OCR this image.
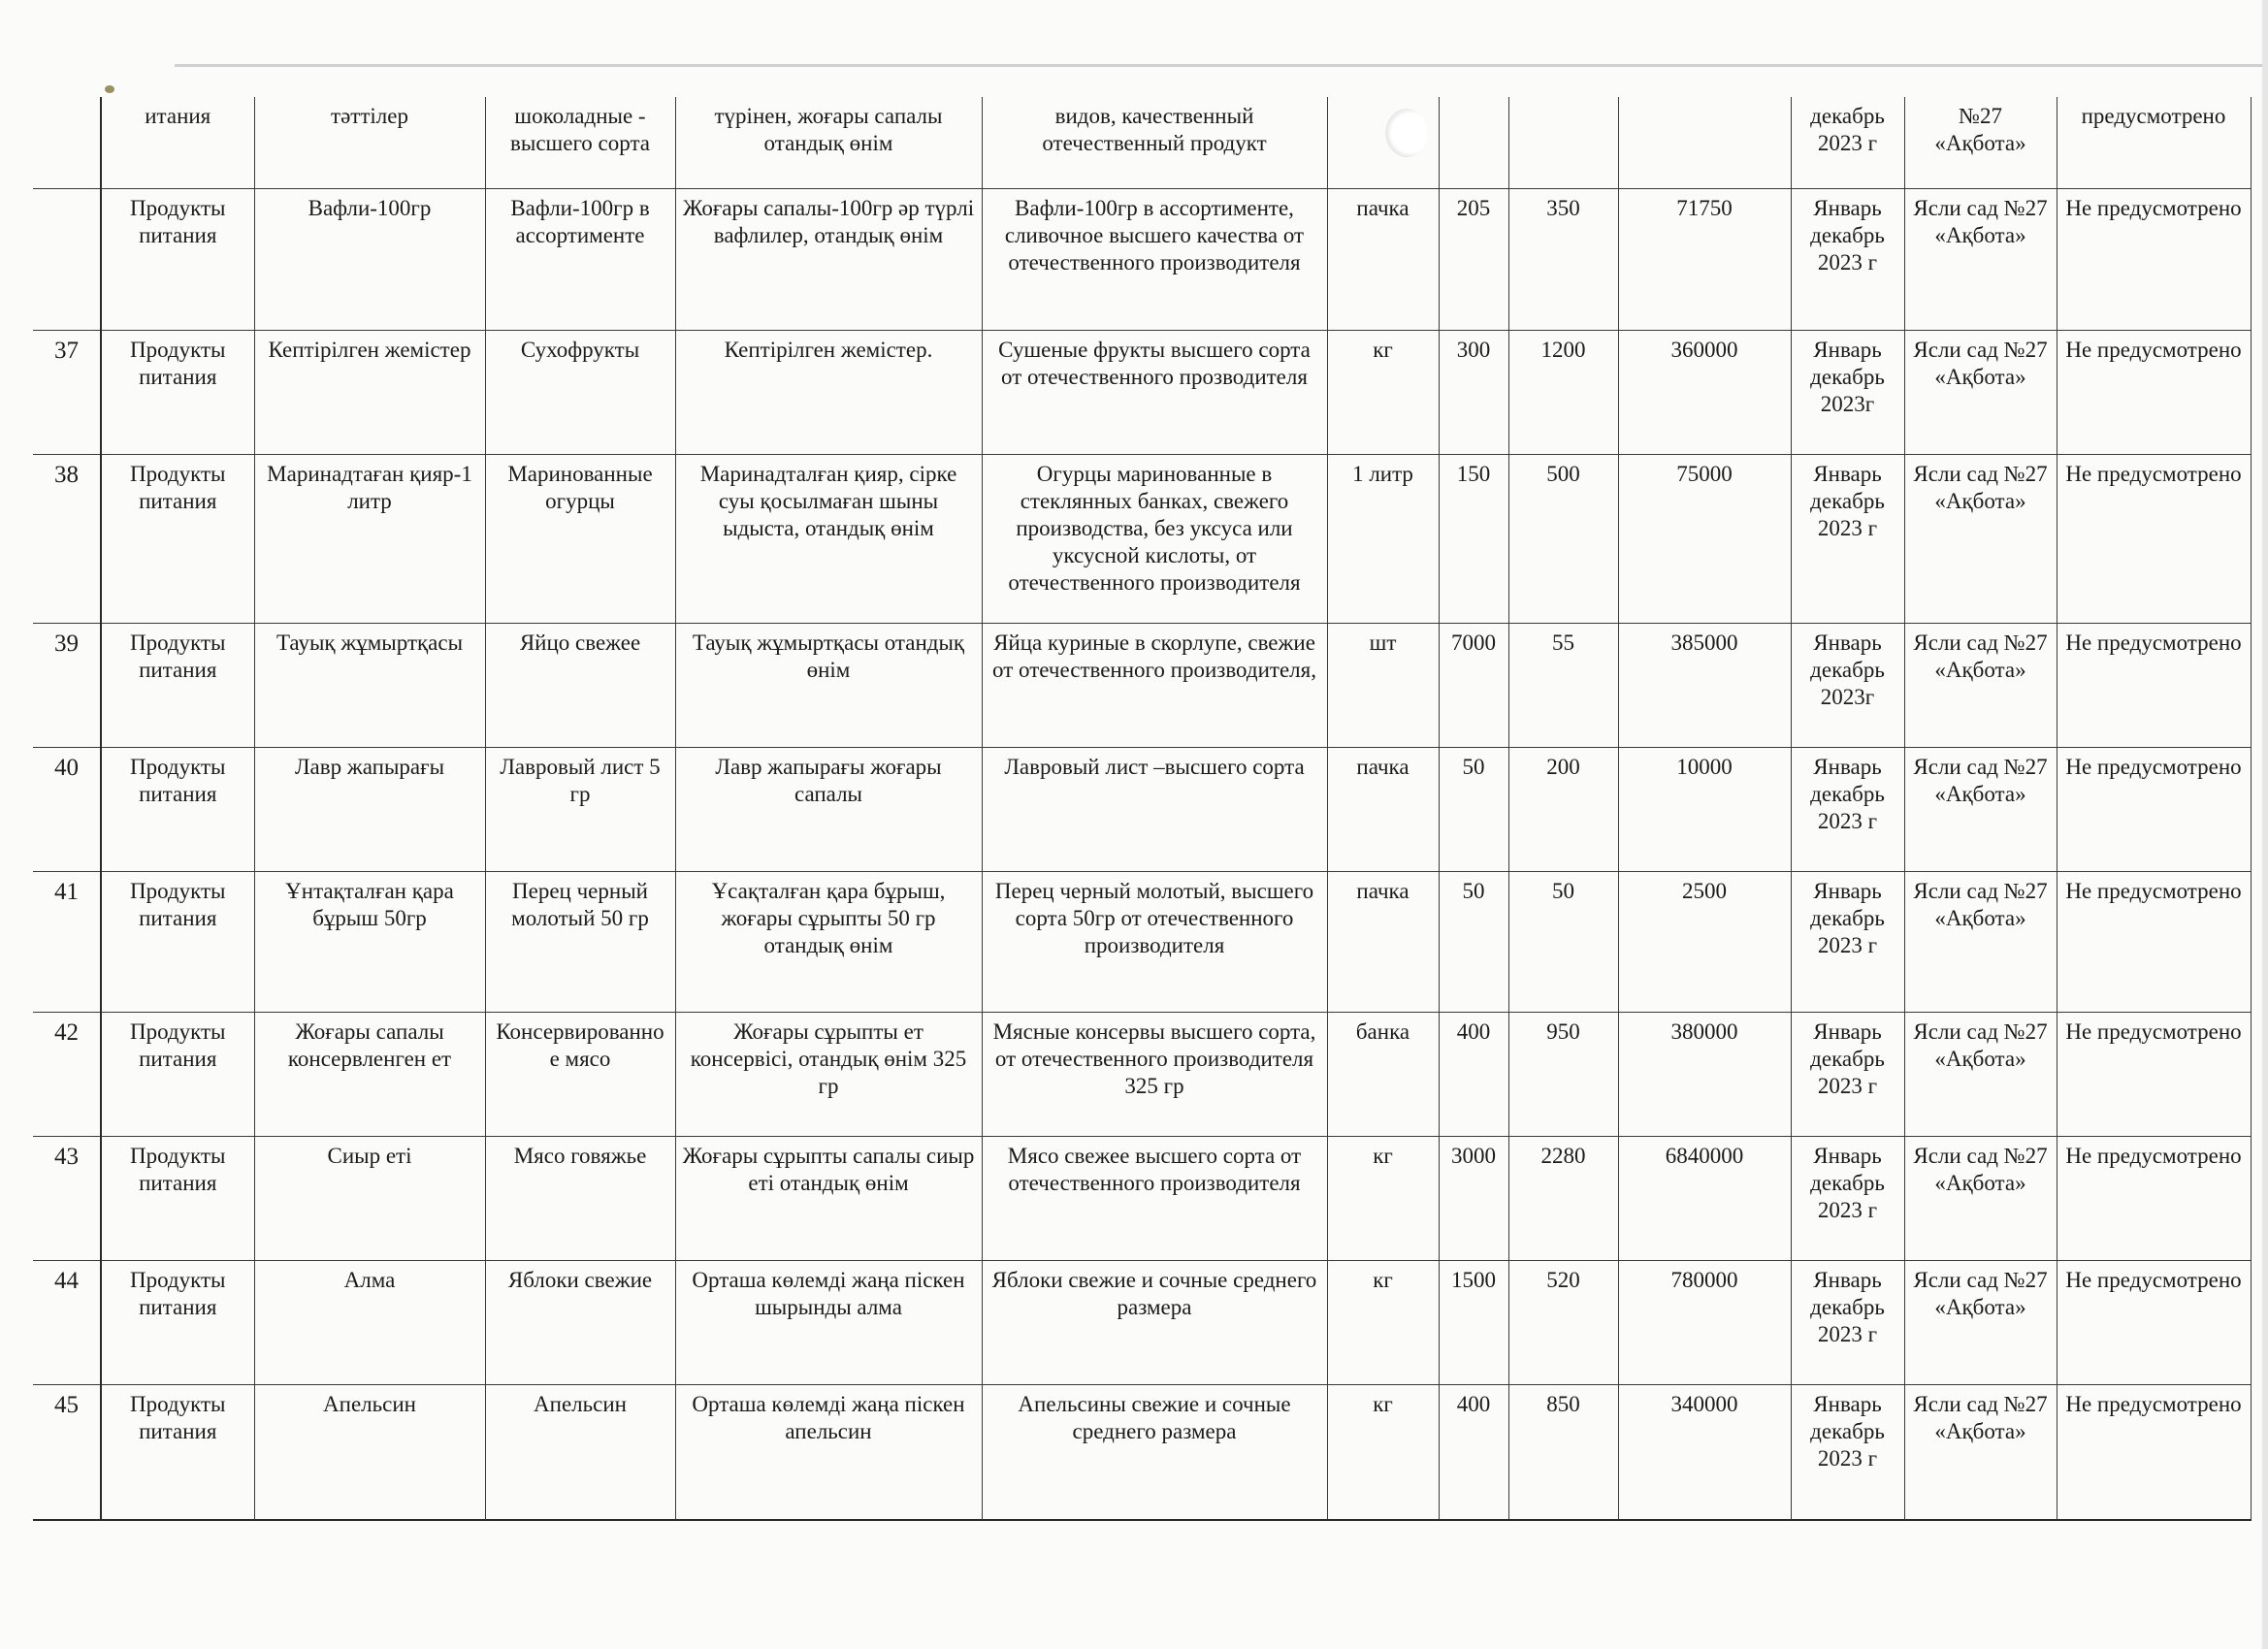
	итания	тәттілер	шоколадные - высшего сорта	түрінен, жоғары сапалы отандық өнім	видов, качественный отечественный продукт					декабрь 2023 г	№27 «Ақбота»	предусмотрено
	Продукты питания	Вафли-100гр	Вафли-100гр в ассортименте	Жоғары сапалы-100гр әр түрлі вафлилер, отандық өнім	Вафли-100гр в ассортименте, сливочное высшего качества от отечественного производителя	пачка	205	350	71750	Январь декабрь 2023 г	Ясли сад №27 «Ақбота»	Не предусмотрено
37	Продукты питания	Кептірілген жемістер	Сухофрукты	Кептірілген жемістер.	Сушеные фрукты высшего сорта от отечественного прозводителя	кг	300	1200	360000	Январь декабрь 2023г	Ясли сад №27 «Ақбота»	Не предусмотрено
38	Продукты питания	Маринадтаған қияр-1 литр	Маринованные огурцы	Маринадталған қияр, сірке суы қосылмаған шыны ыдыста, отандық өнім	Огурцы маринованные в стеклянных банках, свежего производства, без уксуса или уксусной кислоты, от отечественного производителя	1 литр	150	500	75000	Январь декабрь 2023 г	Ясли сад №27 «Ақбота»	Не предусмотрено
39	Продукты питания	Тауық жұмыртқасы	Яйцо свежее	Тауық жұмыртқасы отандық өнім	Яйца куриные в скорлупе, свежие от отечественного производителя,	шт	7000	55	385000	Январь декабрь 2023г	Ясли сад №27 «Ақбота»	Не предусмотрено
40	Продукты питания	Лавр жапырағы	Лавровый лист 5 гр	Лавр жапырағы жоғары сапалы	Лавровый лист –высшего сорта	пачка	50	200	10000	Январь декабрь 2023 г	Ясли сад №27 «Ақбота»	Не предусмотрено
41	Продукты питания	Ұнтақталған қара бұрыш 50гр	Перец черный молотый 50 гр	Ұсақталған қара бұрыш, жоғары сұрыпты 50 гр отандық өнім	Перец черный молотый, высшего сорта 50гр от отечественного производителя	пачка	50	50	2500	Январь декабрь 2023 г	Ясли сад №27 «Ақбота»	Не предусмотрено
42	Продукты питания	Жоғары сапалы консервленген ет	Консервированное мясо	Жоғары сұрыпты ет консервісі, отандық өнім 325 гр	Мясные консервы высшего сорта, от отечественного производителя 325 гр	банка	400	950	380000	Январь декабрь 2023 г	Ясли сад №27 «Ақбота»	Не предусмотрено
43	Продукты питания	Сиыр еті	Мясо говяжье	Жоғары сұрыпты сапалы сиыр еті отандық өнім	Мясо свежее высшего сорта от отечественного производителя	кг	3000	2280	6840000	Январь декабрь 2023 г	Ясли сад №27 «Ақбота»	Не предусмотрено
44	Продукты питания	Алма	Яблоки свежие	Орташа көлемді жаңа піскен шырынды алма	Яблоки свежие и сочные среднего размера	кг	1500	520	780000	Январь декабрь 2023 г	Ясли сад №27 «Ақбота»	Не предусмотрено
45	Продукты питания	Апельсин	Апельсин	Орташа көлемді жаңа піскен апельсин	Апельсины свежие и сочные среднего размера	кг	400	850	340000	Январь декабрь 2023 г	Ясли сад №27 «Ақбота»	Не предусмотрено
